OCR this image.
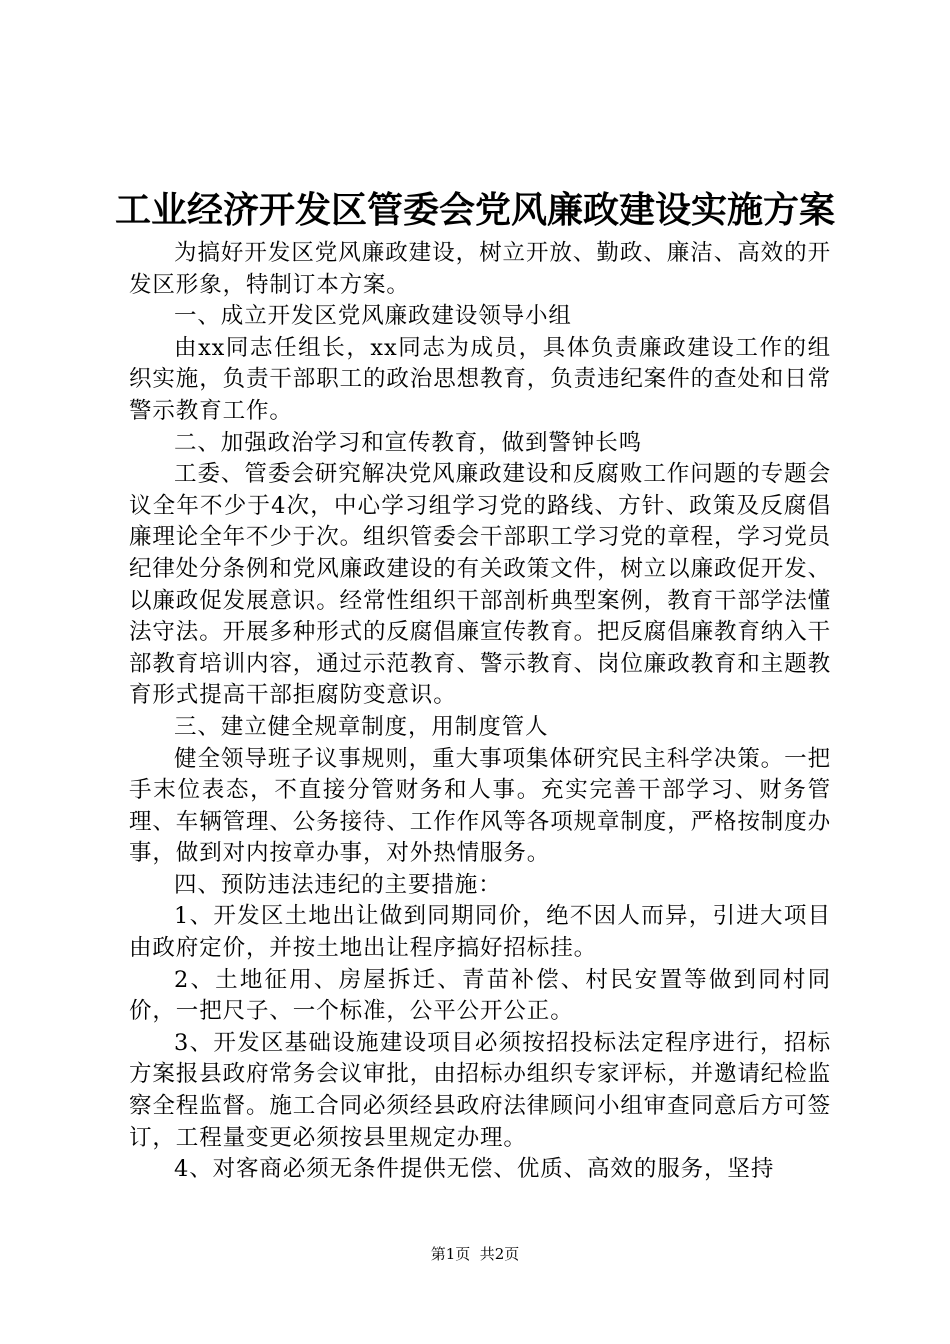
工业经济开发区管委会党风廉政建设实施方案

为搞好开发区党风廉政建设，树立开放、勤政、廉洁、高效的开发区形象，特制订本方案。

一、成立开发区党风廉政建设领导小组

由xx同志任组长，xx同志为成员，具体负责廉政建设工作的组织实施，负责干部职工的政治思想教育，负责违纪案件的查处和日常警示教育工作。

二、加强政治学习和宣传教育，做到警钟长鸣

工委、管委会研究解决党风廉政建设和反腐败工作问题的专题会议全年不少于4次，中心学习组学习党的路线、方针、政策及反腐倡廉理论全年不少于次。组织管委会干部职工学习党的章程，学习党员纪律处分条例和党风廉政建设的有关政策文件，树立以廉政促开发、以廉政促发展意识。经常性组织干部剖析典型案例，教育干部学法懂法守法。开展多种形式的反腐倡廉宣传教育。把反腐倡廉教育纳入干部教育培训内容，通过示范教育、警示教育、岗位廉政教育和主题教育形式提高干部拒腐防变意识。

三、建立健全规章制度，用制度管人

健全领导班子议事规则，重大事项集体研究民主科学决策。一把手末位表态，不直接分管财务和人事。充实完善干部学习、财务管理、车辆管理、公务接待、工作作风等各项规章制度，严格按制度办事，做到对内按章办事，对外热情服务。

四、预防违法违纪的主要措施：

1、开发区土地出让做到同期同价，绝不因人而异，引进大项目由政府定价，并按土地出让程序搞好招标挂。

2、土地征用、房屋拆迁、青苗补偿、村民安置等做到同村同价，一把尺子、一个标准，公平公开公正。

3、开发区基础设施建设项目必须按招投标法定程序进行，招标方案报县政府常务会议审批，由招标办组织专家评标，并邀请纪检监察全程监督。施工合同必须经县政府法律顾问小组审查同意后方可签订，工程量变更必须按县里规定办理。

4、对客商必须无条件提供无偿、优质、高效的服务，坚持

第1页  共2页
